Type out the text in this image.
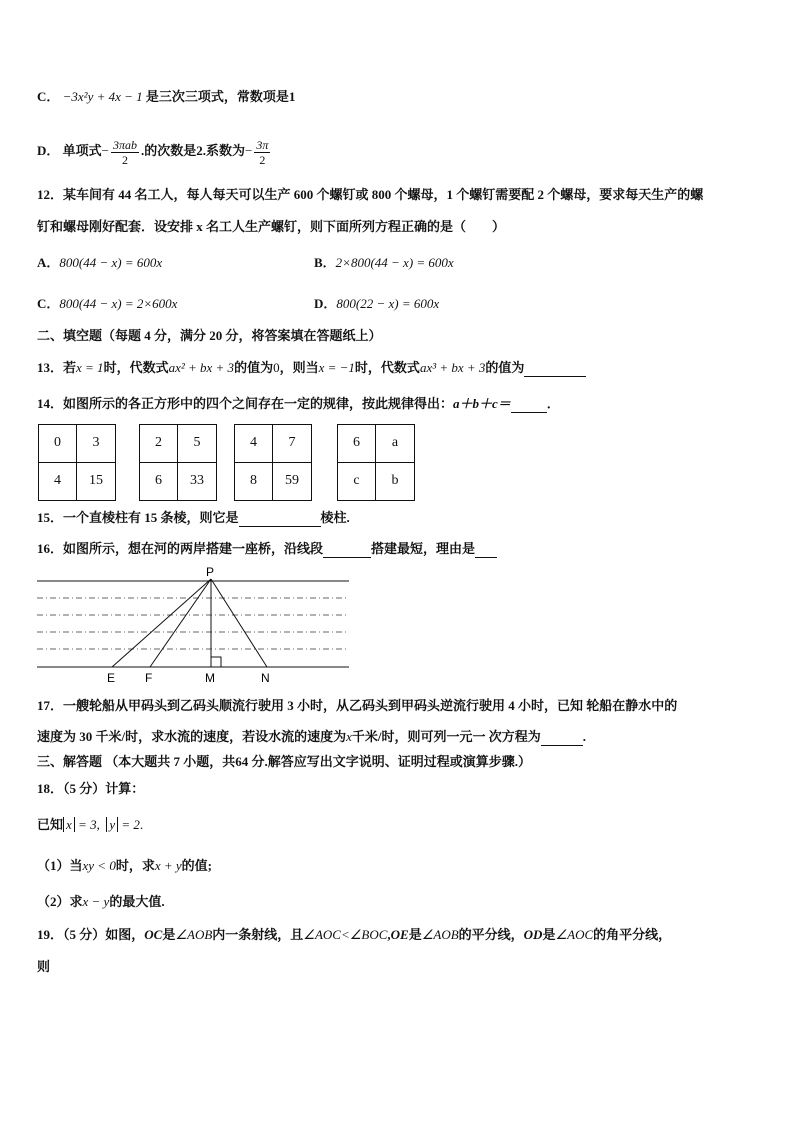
C． −3x²y + 4x − 1 是三次三项式，常数项是1
D． 单项式− $\frac{\text{3πab}}{2}$ .的次数是2.系数为− $\frac{3\pi}{2}$
12．某车间有 44 名工人，每人每天可以生产 600 个螺钉或 800 个螺母，1 个螺钉需要配 2 个螺母，要求每天生产的螺
钉和螺母刚好配套．设安排 x 名工人生产螺钉，则下面所列方程正确的是（　　）
A．800(44 − x) = 600x	B．2×800(44 − x) = 600x
C．800(44 − x) = 2×600x	D．800(22 − x) = 600x
二、填空题（每题 4 分，满分 20 分，将答案填在答题纸上）
13．若x = 1时，代数式ax² + bx + 3的值为0，则当x = −1时，代数式ax³ + bx + 3的值为
14．如图所示的各正方形中的四个之间存在一定的规律，按此规律得出：a＋b＋c＝	．
0	3
4	15
2	5
6	33
4	7
8	59
6	a
c	b
15．一个直棱柱有 15 条棱，则它是	棱柱.
16．如图所示，想在河的两岸搭建一座桥，沿线段	搭建最短，理由是
P
E F	M	N
17．一艘轮船从甲码头到乙码头顺流行驶用 3 小时，从乙码头到甲码头逆流行驶用 4 小时，已知 轮船在静水中的
速度为 30 千米/时，求水流的速度，若设水流的速度为x千米/时，则可列一元一 次方程为	.
三、解答题 （本大题共 7 小题，共64 分.解答应写出文字说明、证明过程或演算步骤.）
18．（5 分）计算：
已知 x = 3, y = 2.
（1）当xy < 0时，求x + y的值;
（2）求x − y的最大值.
19．（5 分）如图，OC是∠AOB内一条射线，且∠AOC<∠BOC,OE是∠AOB的平分线，OD是∠AOC的角平分线，
则
